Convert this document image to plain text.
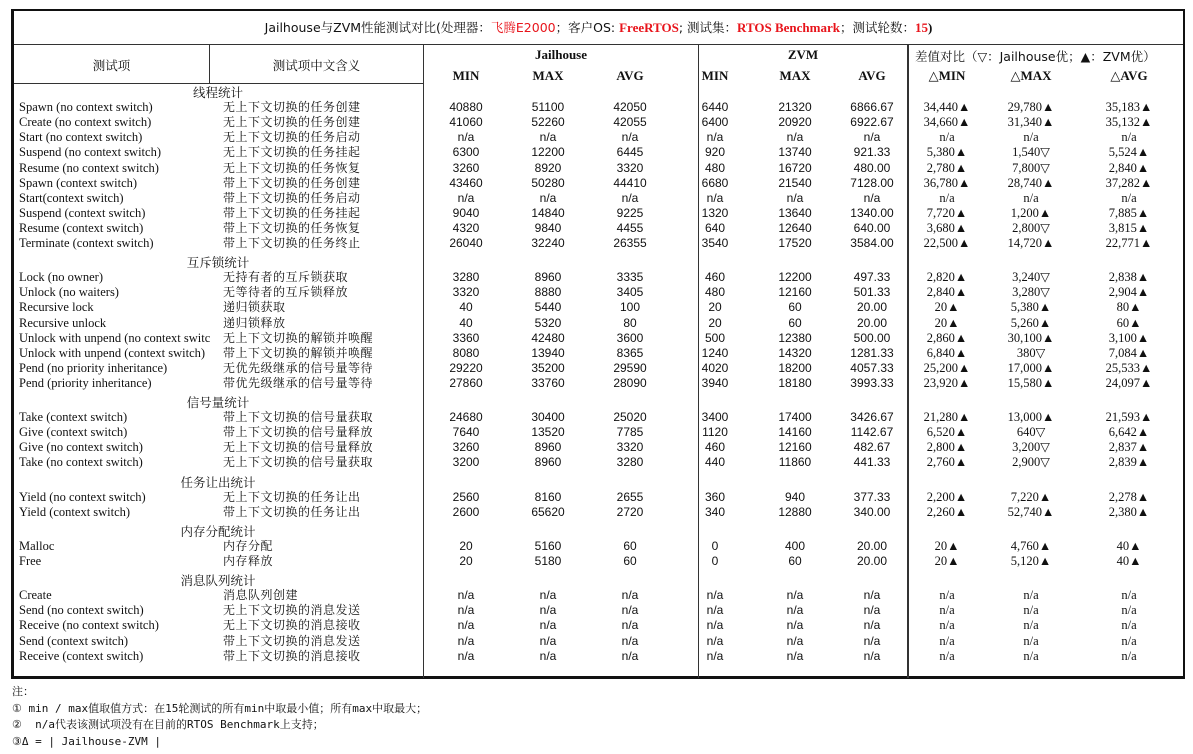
Jailhouse与ZVM性能测试对比(处理器：飞腾E2000；客户OS: FreeRTOS; 测试集：RTOS Benchmark；测试轮数：15)
测试项	测试项中文含义
Jailhouse	ZVM	差值对比（▽：Jailhouse优；▲：ZVM优）
MIN	MAX	AVG	MIN	MAX	AVG	△MIN	△MAX	△AVG
线程统计
Spawn (no context switch)	无上下文切换的任务创建	40880	51100	42050	6440	21320	6866.67	34,440▲	29,780▲	35,183▲
Create (no context switch)	无上下文切换的任务创建	41060	52260	42055	6400	20920	6922.67	34,660▲	31,340▲	35,132▲
Start (no context switch)	无上下文切换的任务启动	n/a	n/a	n/a	n/a	n/a	n/a	n/a	n/a	n/a
Suspend (no context switch)	无上下文切换的任务挂起	6300	12200	6445	920	13740	921.33	5,380▲	1,540▽	5,524▲
Resume (no context switch)	无上下文切换的任务恢复	3260	8920	3320	480	16720	480.00	2,780▲	7,800▽	2,840▲
Spawn (context switch)	带上下文切换的任务创建	43460	50280	44410	6680	21540	7128.00	36,780▲	28,740▲	37,282▲
Start(context switch)	带上下文切换的任务启动	n/a	n/a	n/a	n/a	n/a	n/a	n/a	n/a	n/a
Suspend (context switch)	带上下文切换的任务挂起	9040	14840	9225	1320	13640	1340.00	7,720▲	1,200▲	7,885▲
Resume (context switch)	带上下文切换的任务恢复	4320	9840	4455	640	12640	640.00	3,680▲	2,800▽	3,815▲
Terminate (context switch)	带上下文切换的任务终止	26040	32240	26355	3540	17520	3584.00	22,500▲	14,720▲	22,771▲
互斥锁统计
Lock (no owner)	无持有者的互斥锁获取	3280	8960	3335	460	12200	497.33	2,820▲	3,240▽	2,838▲
Unlock (no waiters)	无等待者的互斥锁释放	3320	8880	3405	480	12160	501.33	2,840▲	3,280▽	2,904▲
Recursive lock	递归锁获取	40	5440	100	20	60	20.00	20▲	5,380▲	80▲
Recursive unlock	递归锁释放	40	5320	80	20	60	20.00	20▲	5,260▲	60▲
Unlock with unpend (no context switc	无上下文切换的解锁并唤醒	3360	42480	3600	500	12380	500.00	2,860▲	30,100▲	3,100▲
Unlock with unpend (context switch)	带上下文切换的解锁并唤醒	8080	13940	8365	1240	14320	1281.33	6,840▲	380▽	7,084▲
Pend (no priority inheritance)	无优先级继承的信号量等待	29220	35200	29590	4020	18200	4057.33	25,200▲	17,000▲	25,533▲
Pend (priority inheritance)	带优先级继承的信号量等待	27860	33760	28090	3940	18180	3993.33	23,920▲	15,580▲	24,097▲
信号量统计
Take (context switch)	带上下文切换的信号量获取	24680	30400	25020	3400	17400	3426.67	21,280▲	13,000▲	21,593▲
Give (context switch)	带上下文切换的信号量释放	7640	13520	7785	1120	14160	1142.67	6,520▲	640▽	6,642▲
Give (no context switch)	无上下文切换的信号量释放	3260	8960	3320	460	12160	482.67	2,800▲	3,200▽	2,837▲
Take (no context switch)	无上下文切换的信号量获取	3200	8960	3280	440	11860	441.33	2,760▲	2,900▽	2,839▲
任务让出统计
Yield (no context switch)	无上下文切换的任务让出	2560	8160	2655	360	940	377.33	2,200▲	7,220▲	2,278▲
Yield (context switch)	带上下文切换的任务让出	2600	65620	2720	340	12880	340.00	2,260▲	52,740▲	2,380▲
内存分配统计
Malloc	内存分配	20	5160	60	0	400	20.00	20▲	4,760▲	40▲
Free	内存释放	20	5180	60	0	60	20.00	20▲	5,120▲	40▲
消息队列统计
Create	消息队列创建	n/a	n/a	n/a	n/a	n/a	n/a	n/a	n/a	n/a
Send (no context switch)	无上下文切换的消息发送	n/a	n/a	n/a	n/a	n/a	n/a	n/a	n/a	n/a
Receive (no context switch)	无上下文切换的消息接收	n/a	n/a	n/a	n/a	n/a	n/a	n/a	n/a	n/a
Send (context switch)	带上下文切换的消息发送	n/a	n/a	n/a	n/a	n/a	n/a	n/a	n/a	n/a
Receive (context switch)	带上下文切换的消息接收	n/a	n/a	n/a	n/a	n/a	n/a	n/a	n/a	n/a
注：
① min / max值取值方式：在15轮测试的所有min中取最小值；所有max中取最大；
②  n/a代表该测试项没有在目前的RTOS Benchmark上支持；
③Δ = | Jailhouse-ZVM |
